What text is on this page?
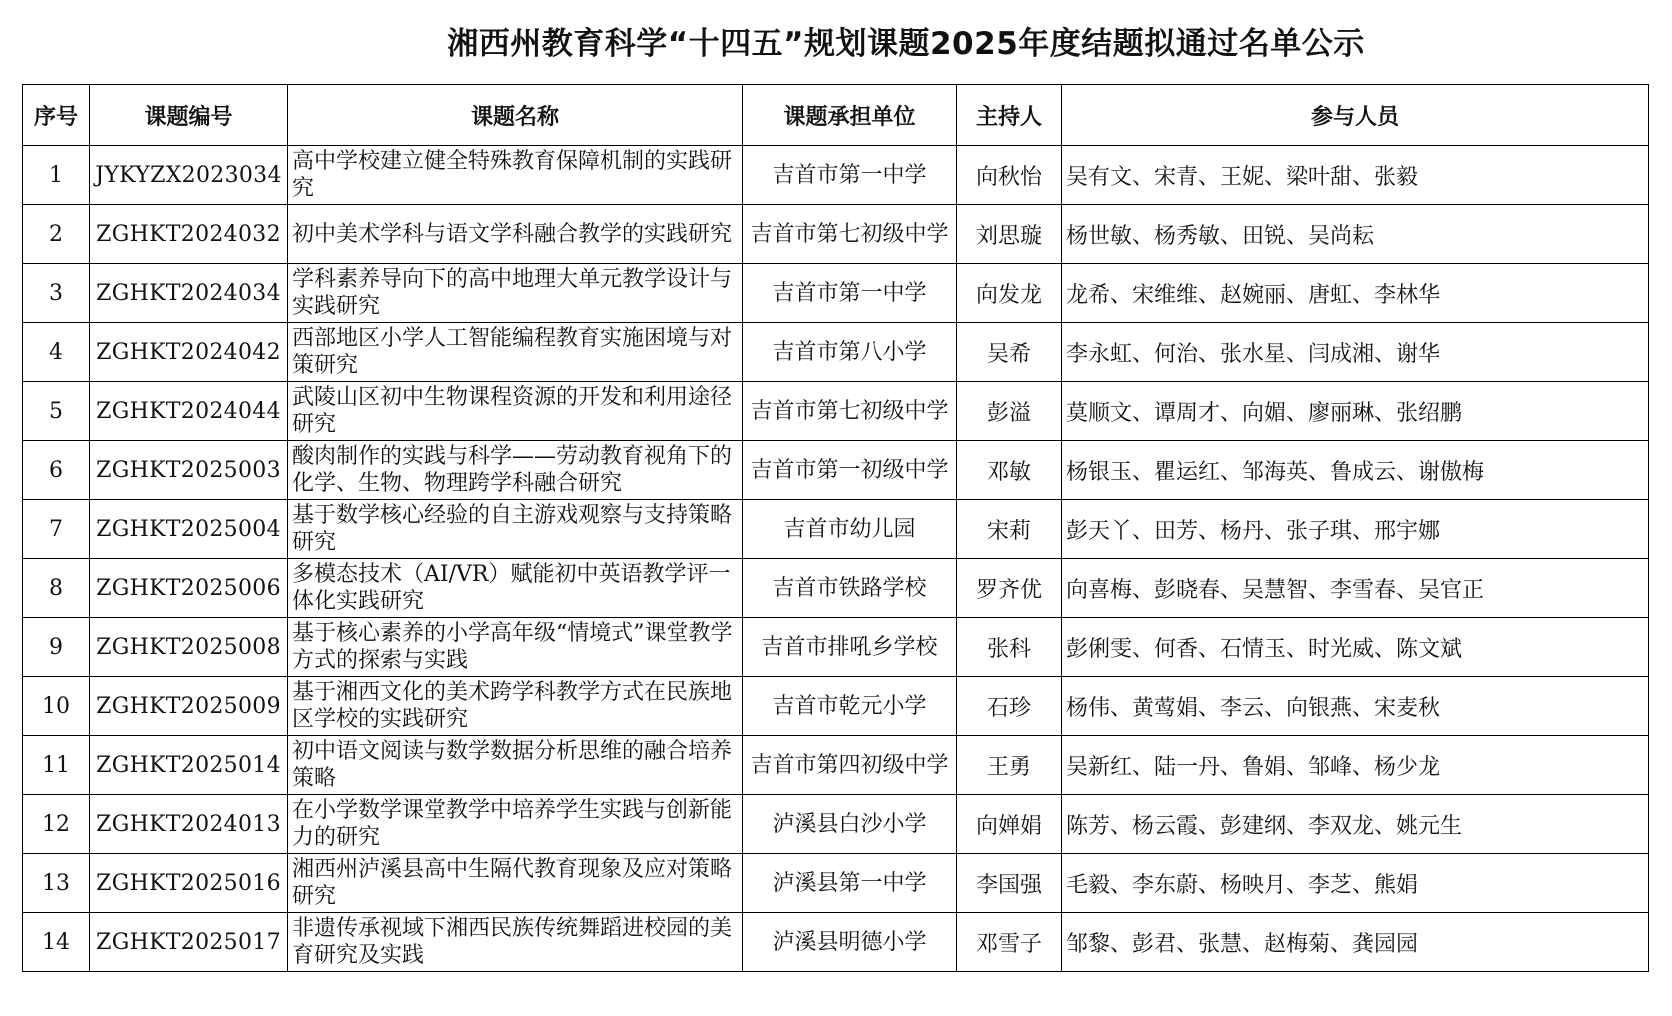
湘西州教育科学“十四五”规划课题2025年度结题拟通过名单公示
序号	课题编号	课题名称	课题承担单位	主持人	参与人员
1	JYKYZX2023034	高中学校建立健全特殊教育保障机制的实践研究	吉首市第一中学	向秋怡	吴有文、宋青、王妮、梁叶甜、张毅
2	ZGHKT2024032	初中美术学科与语文学科融合教学的实践研究	吉首市第七初级中学	刘思璇	杨世敏、杨秀敏、田锐、吴尚耘
3	ZGHKT2024034	学科素养导向下的高中地理大单元教学设计与实践研究	吉首市第一中学	向发龙	龙希、宋维维、赵婉丽、唐虹、李林华
4	ZGHKT2024042	西部地区小学人工智能编程教育实施困境与对策研究	吉首市第八小学	吴希	李永虹、何治、张水星、闫成湘、谢华
5	ZGHKT2024044	武陵山区初中生物课程资源的开发和利用途径研究	吉首市第七初级中学	彭溢	莫顺文、谭周才、向媚、廖丽琳、张绍鹏
6	ZGHKT2025003	酸肉制作的实践与科学——劳动教育视角下的化学、生物、物理跨学科融合研究	吉首市第一初级中学	邓敏	杨银玉、瞿运红、邹海英、鲁成云、谢傲梅
7	ZGHKT2025004	基于数学核心经验的自主游戏观察与支持策略研究	吉首市幼儿园	宋莉	彭天丫、田芳、杨丹、张子琪、邢宇娜
8	ZGHKT2025006	多模态技术（AI/VR）赋能初中英语教学评一体化实践研究	吉首市铁路学校	罗齐优	向喜梅、彭晓春、吴慧智、李雪春、吴官正
9	ZGHKT2025008	基于核心素养的小学高年级“情境式”课堂教学方式的探索与实践	吉首市排吼乡学校	张科	彭俐雯、何香、石情玉、时光威、陈文斌
10	ZGHKT2025009	基于湘西文化的美术跨学科教学方式在民族地区学校的实践研究	吉首市乾元小学	石珍	杨伟、黄莺娟、李云、向银燕、宋麦秋
11	ZGHKT2025014	初中语文阅读与数学数据分析思维的融合培养策略	吉首市第四初级中学	王勇	吴新红、陆一丹、鲁娟、邹峰、杨少龙
12	ZGHKT2024013	在小学数学课堂教学中培养学生实践与创新能力的研究	泸溪县白沙小学	向婵娟	陈芳、杨云霞、彭建纲、李双龙、姚元生
13	ZGHKT2025016	湘西州泸溪县高中生隔代教育现象及应对策略研究	泸溪县第一中学	李国强	毛毅、李东蔚、杨映月、李芝、熊娟
14	ZGHKT2025017	非遗传承视域下湘西民族传统舞蹈进校园的美育研究及实践	泸溪县明德小学	邓雪子	邹黎、彭君、张慧、赵梅菊、龚园园
